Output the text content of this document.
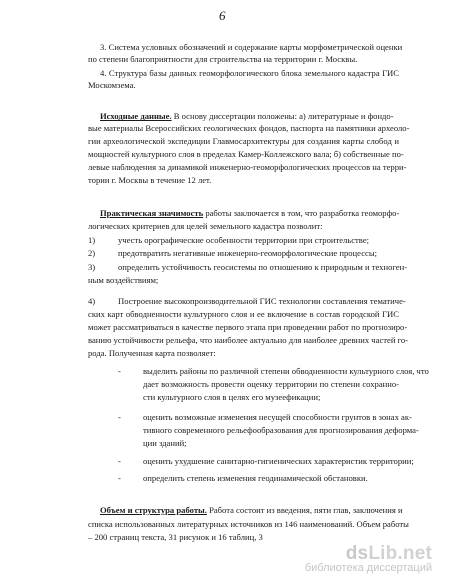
6
3. Система условных обозначений и содержание карты морфометрической оценки
по степени благоприятности для строительства на территории г. Москвы.
4. Структура базы данных геоморфологического блока земельного кадастра ГИС
Москомзема.
Исходные данные. В основу диссертации положены: а) литературные и фондо-
вые материалы Всероссийских геологических фондов, паспорта на памятники археоло-
гии археологической экспедиции Главмосархитектуры для создания карты слобод и
мощностей культурного слоя в пределах Камер-Коллежского вала; б) собственные по-
левые наблюдения за динамикой инженерно-геоморфологических процессов на терри-
тории г. Москвы в течение 12 лет.
Практическая значимость работы заключается в том, что разработка геоморфо-
логических критериев для целей земельного кадастра позволит:
1)	учесть орографические особенности территории при строительстве;
2)	предотвратить негативные инженерно-геоморфологические процессы;
3)	определить устойчивость геосистемы по отношению к природным и техноген-
ным воздействиям;
4)	Построение высокопроизводительной ГИС технологии составления тематиче-
ских карт обводненности культурного слоя и ее включение в состав городской ГИС
может рассматриваться в качестве первого этапа при проведении работ по прогнозиро-
ванию устойчивости рельефа, что наиболее актуально для наиболее древних частей го-
рода. Полученная карта позволяет:
-	выделить районы по различной степени обводненности культурного слоя, что
дает возможность провести оценку территории по степени сохранно-
сти культурного слоя в целях его музеефикации;
-	оценить возможные изменения несущей способности грунтов в зонах ак-
тивного современного рельефообразования для прогнозирования деформа-
ции зданий;
-	оценить ухудшение санитарно-гигиенических характеристик территории;
-	определить степень изменения геодинамической обстановки.
Объем и структура работы. Работа состоит из введения, пяти глав, заключения и
списка использованных литературных источников из 146 наименований. Объем работы
– 200 страниц текста, 31 рисунок и 16 таблиц, 3
dsLib.net
библиотека диссертаций
